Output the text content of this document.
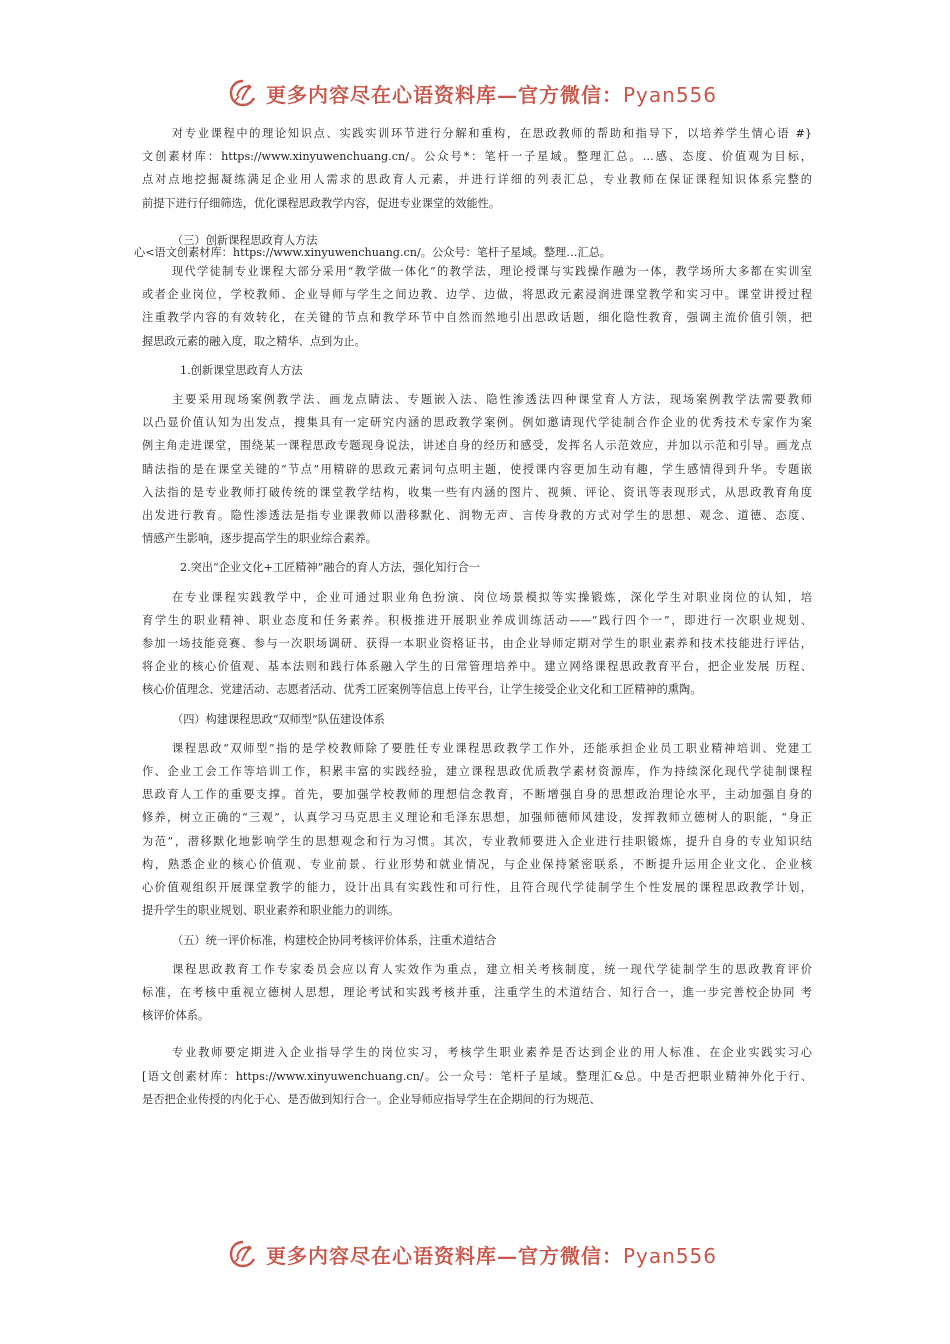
更多内容尽在心语资料库—官方微信：Pyan556
对专业课程中的理论知识点、实践实训环节进行分解和重构，在思政教师的帮助和指导下，以培养学生情心语 #}
文创素材库：https://www.xinyuwenchuang.cn/。公众号*：笔杆一子星域。整理汇总。…感、态度、价值观为目标，
点对点地挖掘凝练满足企业用人需求的思政育人元素，并进行详细的列表汇总，专业教师在保证课程知识体系完整的
前提下进行仔细筛选，优化课程思政教学内容，促进专业课堂的效能性。
（三）创新课程思政育人方法
心<语文创素材库：https://www.xinyuwenchuang.cn/。公众号：笔杆子星域。整理…汇总。
现代学徒制专业课程大部分采用“教学做一体化”的教学法，理论授课与实践操作融为一体，教学场所大多都在实训室
或者企业岗位，学校教师、企业导师与学生之间边教、边学、边做，将思政元素浸润进课堂教学和实习中。课堂讲授过程
注重教学内容的有效转化，在关键的节点和教学环节中自然而然地引出思政话题，细化隐性教育，强调主流价值引领，把
握思政元素的融入度，取之精华、点到为止。
1.创新课堂思政育人方法
主要采用现场案例教学法、画龙点睛法、专题嵌入法、隐性渗透法四种课堂育人方法，现场案例教学法需要教师
以凸显价值认知为出发点，搜集具有一定研究内涵的思政教学案例。例如邀请现代学徒制合作企业的优秀技术专家作为案
例主角走进课堂，围绕某一课程思政专题现身说法，讲述自身的经历和感受，发挥名人示范效应，并加以示范和引导。画龙点
睛法指的是在课堂关键的“节点”用精辟的思政元素词句点明主题，使授课内容更加生动有趣，学生感情得到升华。专题嵌
入法指的是专业教师打破传统的课堂教学结构，收集一些有内涵的图片、视频、评论、资讯等表现形式，从思政教育角度
出发进行教育。隐性渗透法是指专业课教师以潜移默化、润物无声、言传身教的方式对学生的思想、观念、道德、态度、
情感产生影响，逐步提高学生的职业综合素养。
2.突出“企业文化+工匠精神”融合的育人方法，强化知行合一
在专业课程实践教学中，企业可通过职业角色扮演、岗位场景模拟等实操锻炼，深化学生对职业岗位的认知，培
育学生的职业精神、职业态度和任务素养。积极推进开展职业养成训练活动——“践行四个一”，即进行一次职业规划、
参加一场技能竞赛、参与一次职场调研、获得一本职业资格证书，由企业导师定期对学生的职业素养和技术技能进行评估，
将企业的核心价值观、基本法则和践行体系融入学生的日常管理培养中。建立网络课程思政教育平台，把企业发展 历程、
核心价值理念、党建活动、志愿者活动、优秀工匠案例等信息上传平台，让学生接受企业文化和工匠精神的熏陶。
（四）构建课程思政“双师型”队伍建设体系
课程思政“双师型”指的是学校教师除了要胜任专业课程思政教学工作外，还能承担企业员工职业精神培训、党建工
作、企业工会工作等培训工作，积累丰富的实践经验，建立课程思政优质教学素材资源库，作为持续深化现代学徒制课程
思政育人工作的重要支撑。首先，要加强学校教师的理想信念教育，不断增强自身的思想政治理论水平，主动加强自身的
修养，树立正确的“三观”，认真学习马克思主义理论和毛泽东思想，加强师德师风建设，发挥教师立德树人的职能，“身正
为范”，潜移默化地影响学生的思想观念和行为习惯。其次，专业教师要进入企业进行挂职锻炼，提升自身的专业知识结
构，熟悉企业的核心价值观、专业前景、行业形势和就业情况，与企业保持紧密联系，不断提升运用企业文化、企业核
心价值观组织开展课堂教学的能力，设计出具有实践性和可行性，且符合现代学徒制学生个性发展的课程思政教学计划，
提升学生的职业规划、职业素养和职业能力的训练。
（五）统一评价标准，构建校企协同考核评价体系，注重术道结合
课程思政教育工作专家委员会应以育人实效作为重点，建立相关考核制度，统一现代学徒制学生的思政教育评价
标准，在考核中重视立德树人思想，理论考试和实践考核并重，注重学生的术道结合、知行合一，進一步完善校企协同 考
核评价体系。
专业教师要定期进入企业指导学生的岗位实习，考核学生职业素养是否达到企业的用人标准、在企业实践实习心
[语文创素材库：https://www.xinyuwenchuang.cn/。公一众号：笔杆子星域。整理汇&总。中是否把职业精神外化于行、
是否把企业传授的内化于心、是否做到知行合一。企业导师应指导学生在企期间的行为规范、
更多内容尽在心语资料库—官方微信：Pyan556
